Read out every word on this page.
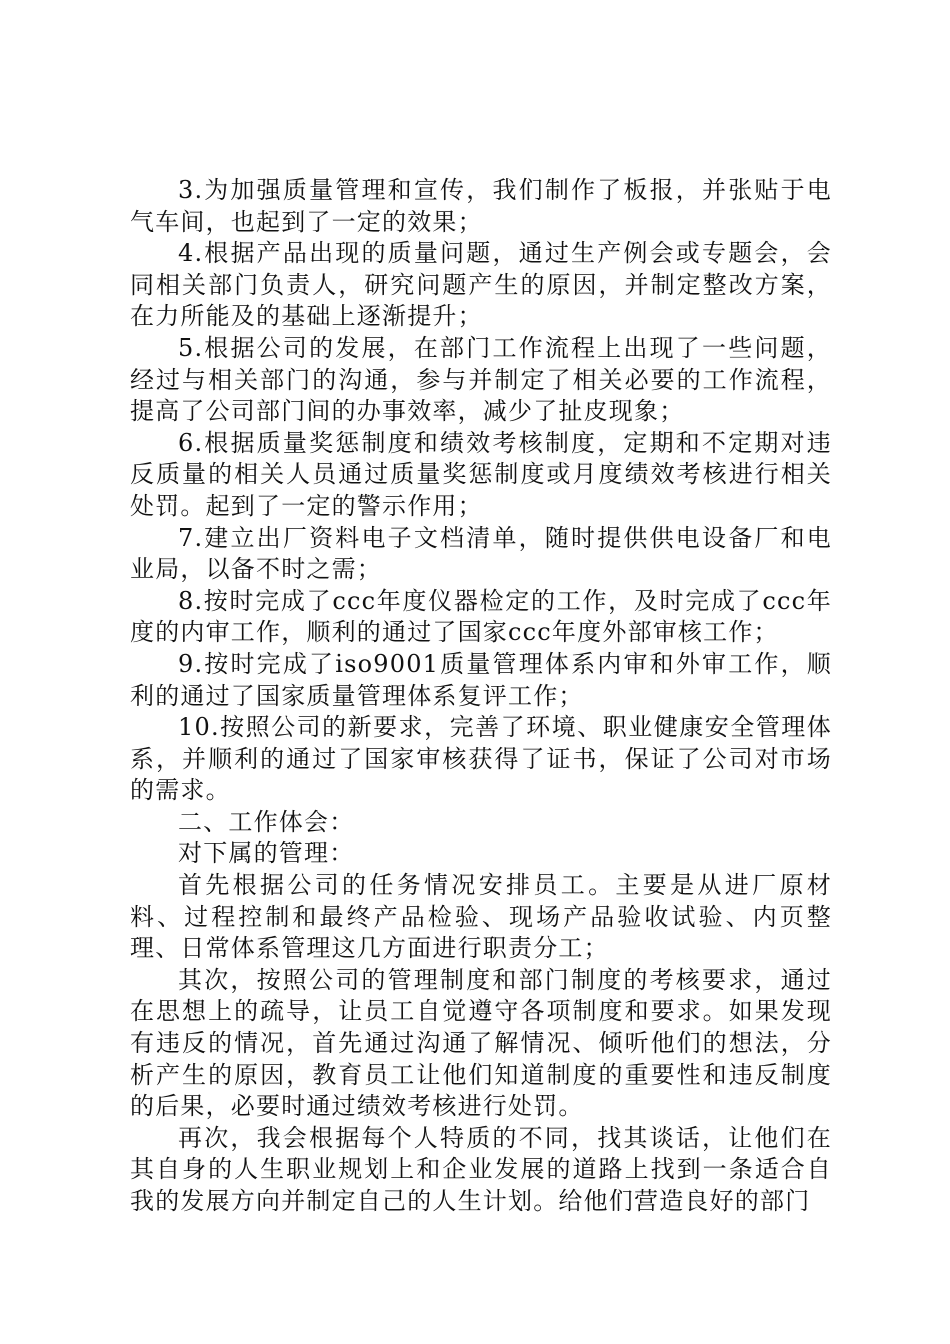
3.为加强质量管理和宣传，我们制作了板报，并张贴于电气车间，也起到了一定的效果；

4.根据产品出现的质量问题，通过生产例会或专题会，会同相关部门负责人，研究问题产生的原因，并制定整改方案，在力所能及的基础上逐渐提升；

5.根据公司的发展，在部门工作流程上出现了一些问题，经过与相关部门的沟通，参与并制定了相关必要的工作流程，提高了公司部门间的办事效率，减少了扯皮现象；

6.根据质量奖惩制度和绩效考核制度，定期和不定期对违反质量的相关人员通过质量奖惩制度或月度绩效考核进行相关处罚。起到了一定的警示作用；

7.建立出厂资料电子文档清单，随时提供供电设备厂和电业局，以备不时之需；

8.按时完成了ccc年度仪器检定的工作，及时完成了ccc年度的内审工作，顺利的通过了国家ccc年度外部审核工作；

9.按时完成了iso9001质量管理体系内审和外审工作，顺利的通过了国家质量管理体系复评工作；

10.按照公司的新要求，完善了环境、职业健康安全管理体系，并顺利的通过了国家审核获得了证书，保证了公司对市场的需求。

二、工作体会：

对下属的管理：

首先根据公司的任务情况安排员工。主要是从进厂原材料、过程控制和最终产品检验、现场产品验收试验、内页整理、日常体系管理这几方面进行职责分工；

其次，按照公司的管理制度和部门制度的考核要求，通过在思想上的疏导，让员工自觉遵守各项制度和要求。如果发现有违反的情况，首先通过沟通了解情况、倾听他们的想法，分析产生的原因，教育员工让他们知道制度的重要性和违反制度的后果，必要时通过绩效考核进行处罚。

再次，我会根据每个人特质的不同，找其谈话，让他们在其自身的人生职业规划上和企业发展的道路上找到一条适合自我的发展方向并制定自己的人生计划。给他们营造良好的部门
